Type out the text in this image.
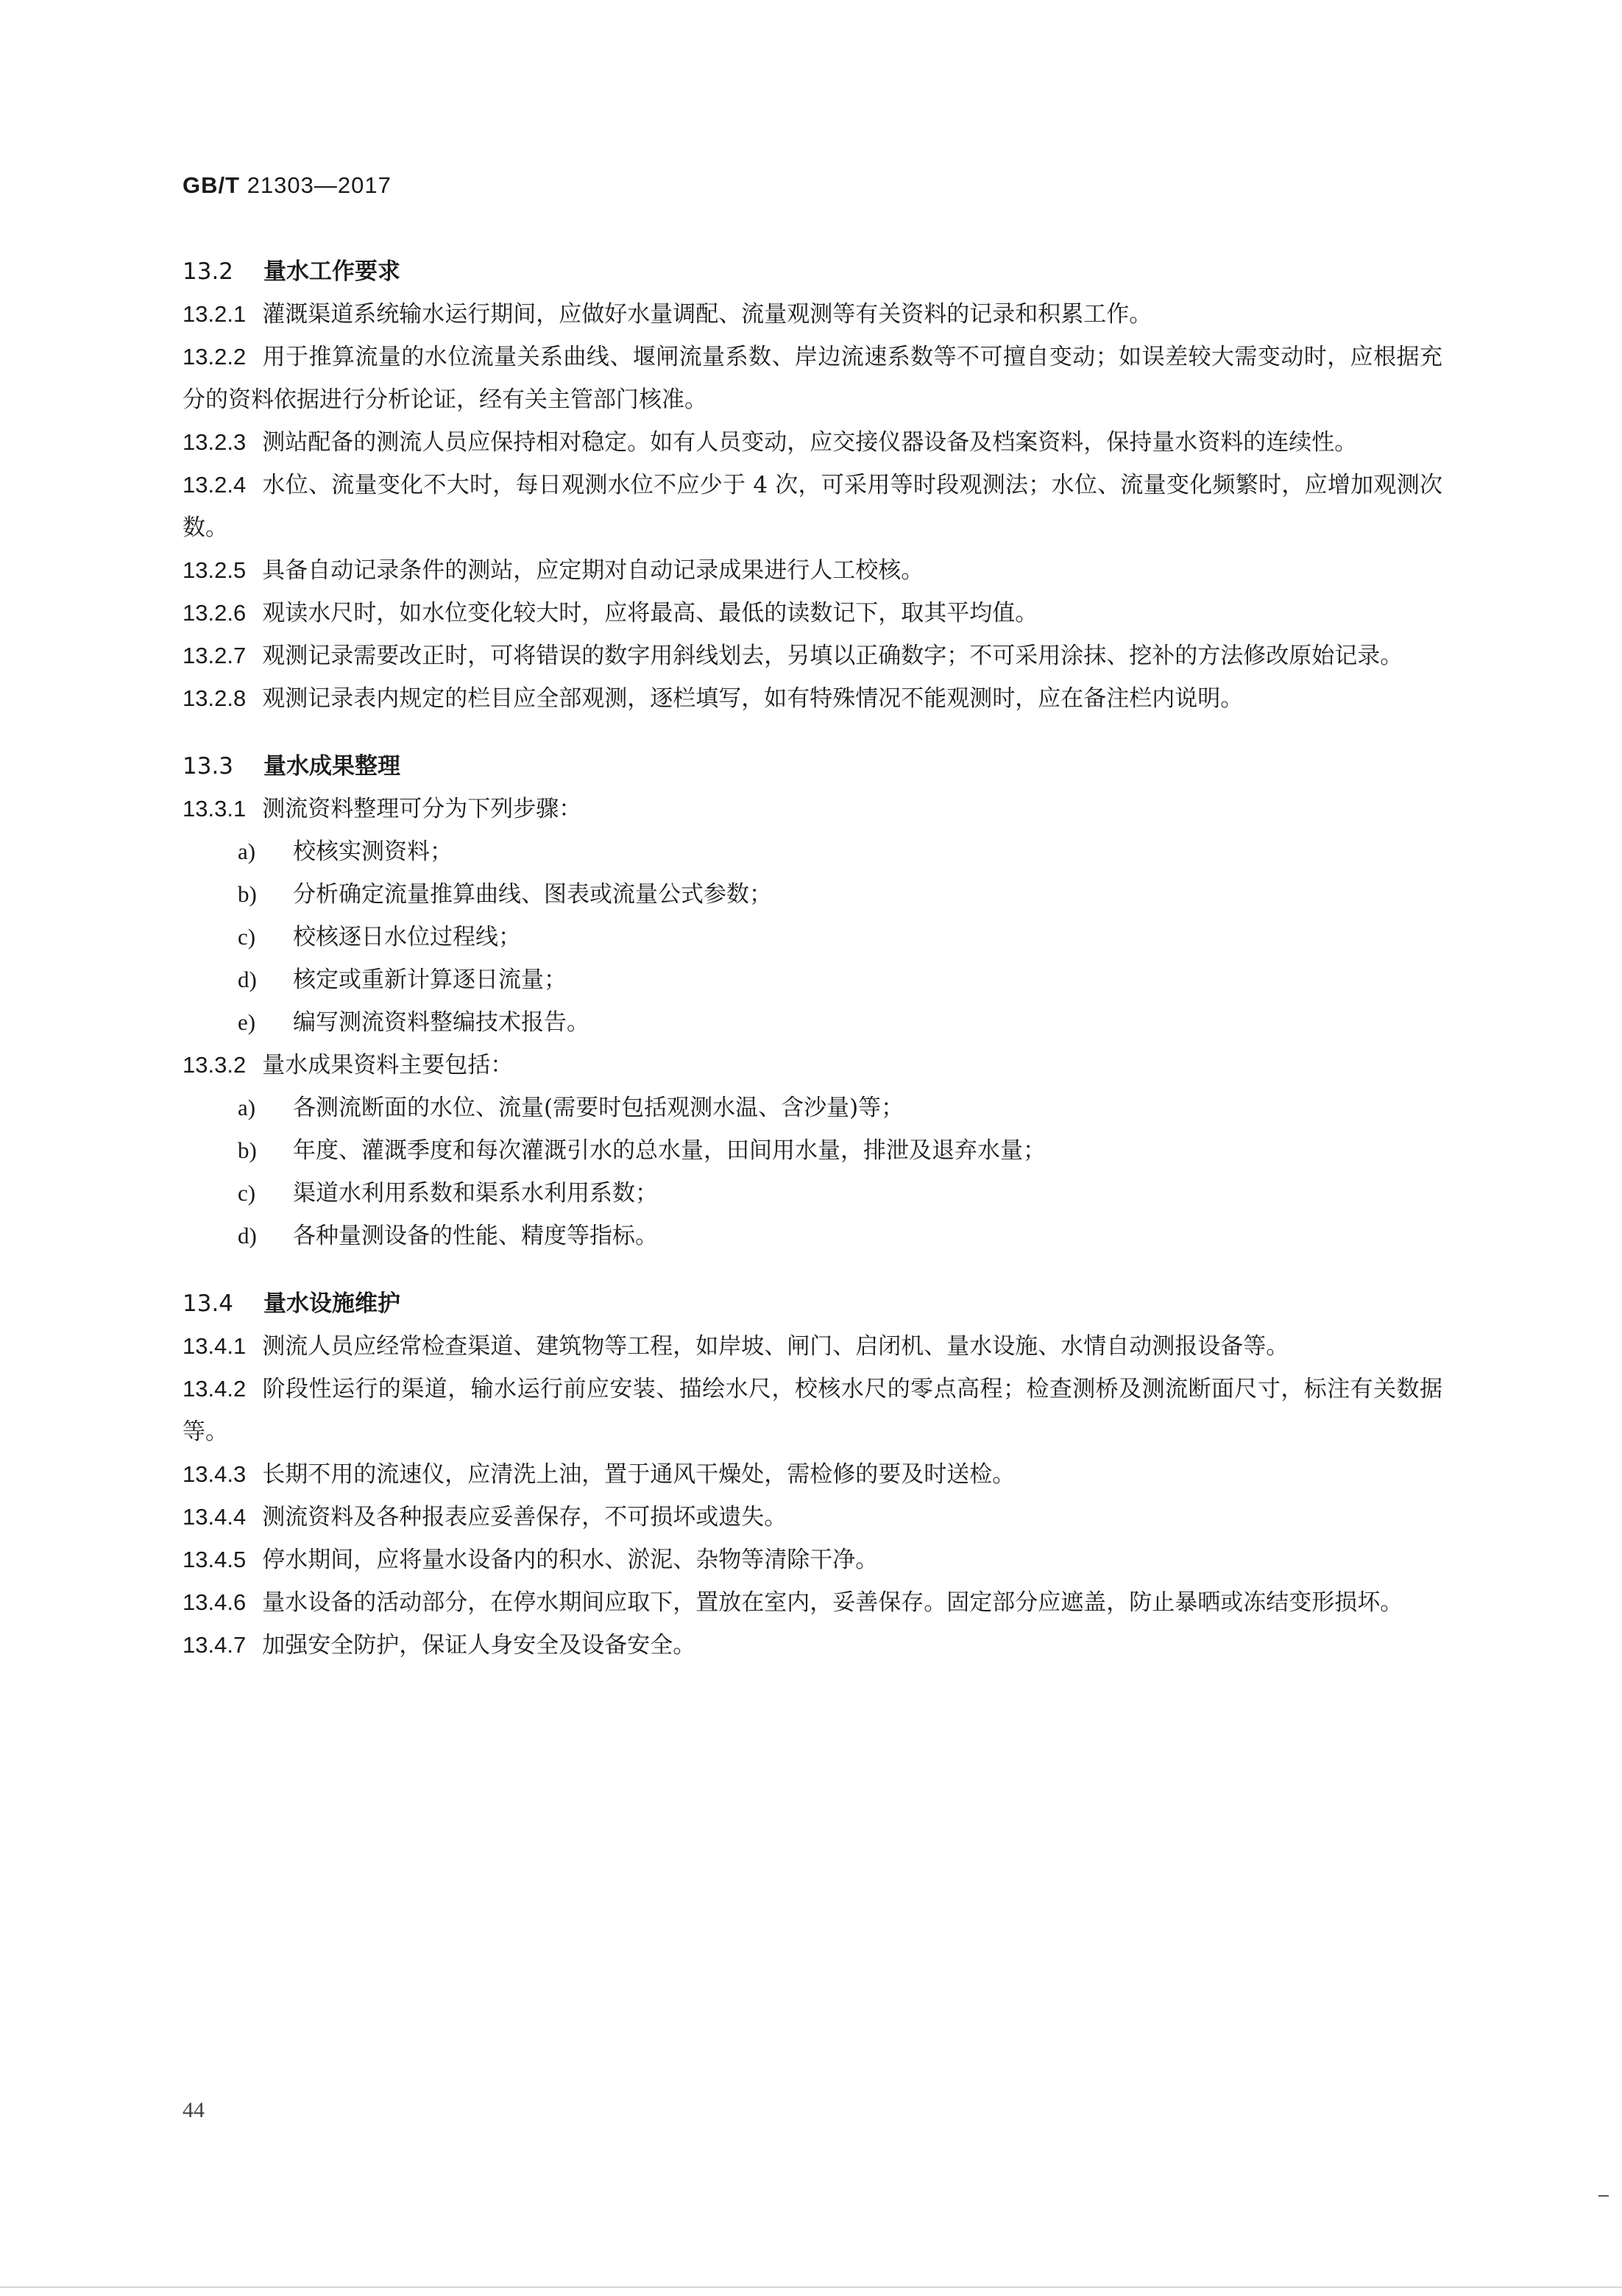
GB/T 21303—2017
13.2 量水工作要求

13.2.1 灌溉渠道系统输水运行期间，应做好水量调配、流量观测等有关资料的记录和积累工作。

13.2.2 用于推算流量的水位流量关系曲线、堰闸流量系数、岸边流速系数等不可擅自变动；如误差较大需变动时，应根据充分的资料依据进行分析论证，经有关主管部门核准。

13.2.3 测站配备的测流人员应保持相对稳定。如有人员变动，应交接仪器设备及档案资料，保持量水资料的连续性。

13.2.4 水位、流量变化不大时，每日观测水位不应少于 4 次，可采用等时段观测法；水位、流量变化频繁时，应增加观测次数。

13.2.5 具备自动记录条件的测站，应定期对自动记录成果进行人工校核。

13.2.6 观读水尺时，如水位变化较大时，应将最高、最低的读数记下，取其平均值。

13.2.7 观测记录需要改正时，可将错误的数字用斜线划去，另填以正确数字；不可采用涂抹、挖补的方法修改原始记录。

13.2.8 观测记录表内规定的栏目应全部观测，逐栏填写，如有特殊情况不能观测时，应在备注栏内说明。

13.3 量水成果整理

13.3.1 测流资料整理可分为下列步骤：

a) 校核实测资料；

b) 分析确定流量推算曲线、图表或流量公式参数；

c) 校核逐日水位过程线；

d) 核定或重新计算逐日流量；

e) 编写测流资料整编技术报告。

13.3.2 量水成果资料主要包括：

a) 各测流断面的水位、流量(需要时包括观测水温、含沙量)等；

b) 年度、灌溉季度和每次灌溉引水的总水量，田间用水量，排泄及退弃水量；

c) 渠道水利用系数和渠系水利用系数；

d) 各种量测设备的性能、精度等指标。

13.4 量水设施维护

13.4.1 测流人员应经常检查渠道、建筑物等工程，如岸坡、闸门、启闭机、量水设施、水情自动测报设备等。

13.4.2 阶段性运行的渠道，输水运行前应安装、描绘水尺，校核水尺的零点高程；检查测桥及测流断面尺寸，标注有关数据等。

13.4.3 长期不用的流速仪，应清洗上油，置于通风干燥处，需检修的要及时送检。

13.4.4 测流资料及各种报表应妥善保存，不可损坏或遗失。

13.4.5 停水期间，应将量水设备内的积水、淤泥、杂物等清除干净。

13.4.6 量水设备的活动部分，在停水期间应取下，置放在室内，妥善保存。固定部分应遮盖，防止暴晒或冻结变形损坏。

13.4.7 加强安全防护，保证人身安全及设备安全。

44
